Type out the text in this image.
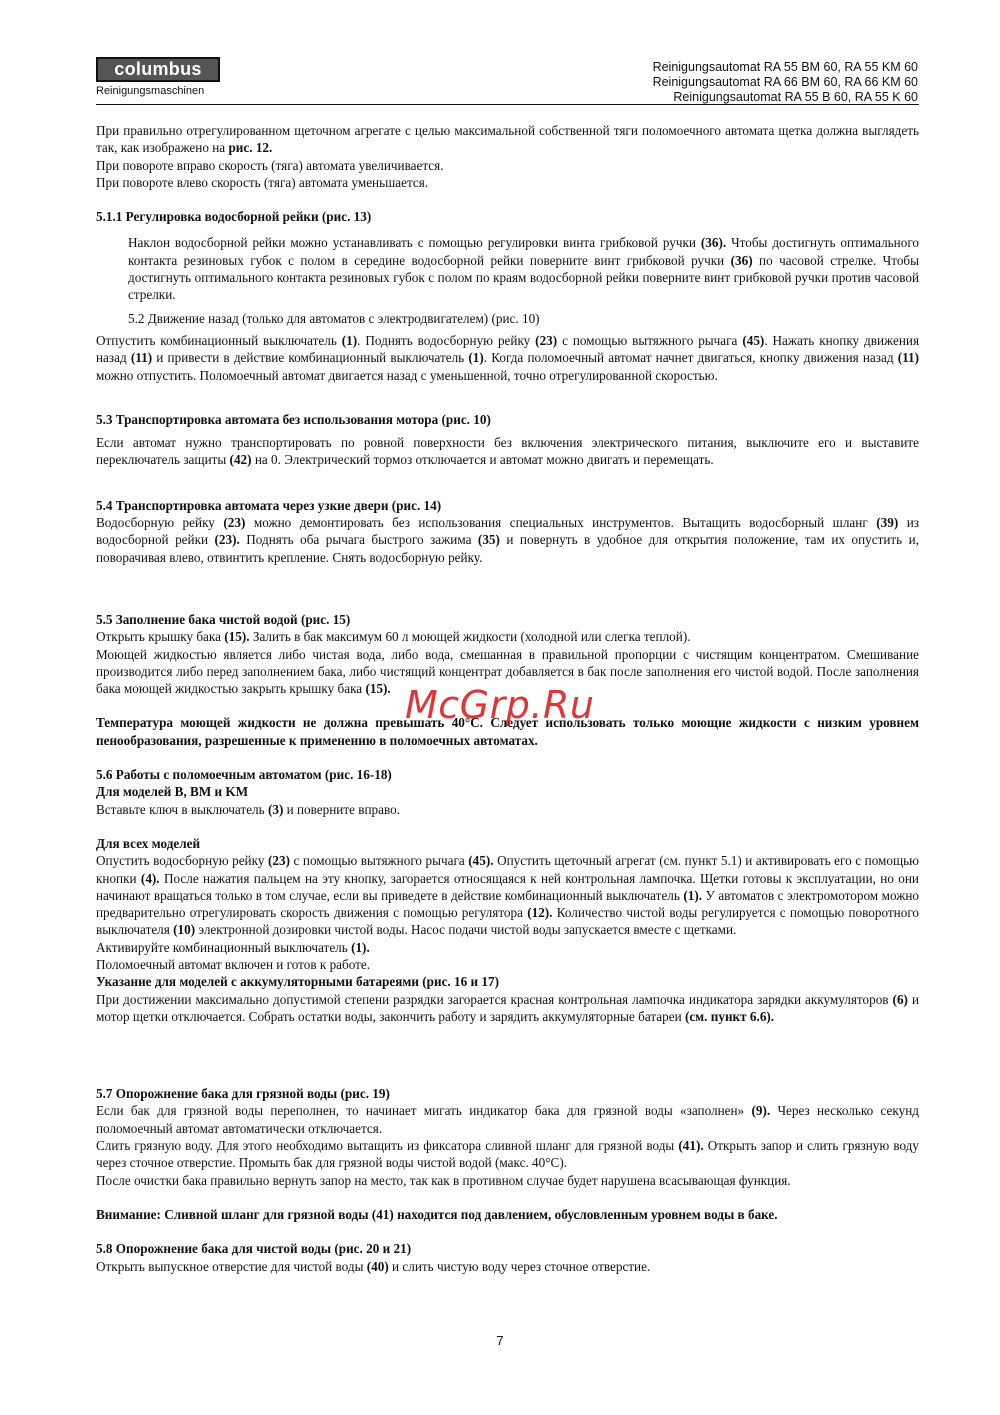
columbus
Reinigungsmaschinen
Reinigungsautomat RA 55 BM 60, RA 55 KM 60
Reinigungsautomat RA 66 BM 60, RA 66 KM 60
Reinigungsautomat RA 55 B 60, RA 55 K 60

При правильно отрегулированном щеточном агрегате с целью максимальной собственной тяги поломоечного автомата щетка должна выглядеть так, как изображено на рис. 12.

При повороте вправо скорость (тяга) автомата увеличивается.

При повороте влево скорость (тяга) автомата уменьшается.

5.1.1 Регулировка водосборной рейки (рис. 13)

Наклон водосборной рейки можно устанавливать с помощью регулировки винта грибковой ручки (36). Чтобы достигнуть оптимального контакта резиновых губок с полом в середине водосборной рейки поверните винт грибковой ручки (36) по часовой стрелке. Чтобы достигнуть оптимального контакта резиновых губок с полом по краям водосборной рейки поверните винт грибковой ручки против часовой стрелки.

5.2 Движение назад (только для автоматов с электродвигателем) (рис. 10)

Отпустить комбинационный выключатель (1). Поднять водосборную рейку (23) с помощью вытяжного рычага (45). Нажать кнопку движения назад (11) и привести в действие комбинационный выключатель (1). Когда поломоечный автомат начнет двигаться, кнопку движения назад (11) можно отпустить. Поломоечный автомат двигается назад с уменьшенной, точно отрегулированной скоростью.

5.3 Транспортировка автомата без использования мотора (рис. 10)

Если автомат нужно транспортировать по ровной поверхности без включения электрического питания, выключите его и выставите переключатель защиты (42) на 0. Электрический тормоз отключается и автомат можно двигать и перемещать.

5.4 Транспортировка автомата через узкие двери (рис. 14)

Водосборную рейку (23) можно демонтировать без использования специальных инструментов. Вытащить водосборный шланг (39) из водосборной рейки (23). Поднять оба рычага быстрого зажима (35) и повернуть в удобное для открытия положение, там их опустить и, поворачивая влево, отвинтить крепление. Снять водосборную рейку.

5.5 Заполнение бака чистой водой (рис. 15)

Открыть крышку бака (15). Залить в бак максимум 60 л моющей жидкости (холодной или слегка теплой).

Моющей жидкостью является либо чистая вода, либо вода, смешанная в правильной пропорции с чистящим концентратом. Смешивание производится либо перед заполнением бака, либо чистящий концентрат добавляется в бак после заполнения его чистой водой. После заполнения бака моющей жидкостью закрыть крышку бака (15).

Температура моющей жидкости не должна превышать 40°C. Следует использовать только моющие жидкости с низким уровнем пенообразования, разрешенные к применению в поломоечных автоматах.

5.6 Работы с поломоечным автоматом (рис. 16-18)

Для моделей B, BM и KM

Вставьте ключ в выключатель (3) и поверните вправо.

Для всех моделей

Опустить водосборную рейку (23) с помощью вытяжного рычага (45). Опустить щеточный агрегат (см. пункт 5.1) и активировать его с помощью кнопки (4). После нажатия пальцем на эту кнопку, загорается относящаяся к ней контрольная лампочка. Щетки готовы к эксплуатации, но они начинают вращаться только в том случае, если вы приведете в действие комбинационный выключатель (1). У автоматов с электромотором можно предварительно отрегулировать скорость движения с помощью регулятора (12). Количество чистой воды регулируется с помощью поворотного выключателя (10) электронной дозировки чистой воды. Насос подачи чистой воды запускается вместе с щетками.

Активируйте комбинационный выключатель (1).

Поломоечный автомат включен и готов к работе.

Указание для моделей с аккумуляторными батареями (рис. 16 и 17)

При достижении максимально допустимой степени разрядки загорается красная контрольная лампочка индикатора зарядки аккумуляторов (6) и мотор щетки отключается. Собрать остатки воды, закончить работу и зарядить аккумуляторные батареи (см. пункт 6.6).

5.7 Опорожнение бака для грязной воды (рис. 19)

Если бак для грязной воды переполнен, то начинает мигать индикатор бака для грязной воды «заполнен» (9). Через несколько секунд поломоечный автомат автоматически отключается.

Слить грязную воду. Для этого необходимо вытащить из фиксатора сливной шланг для грязной воды (41). Открыть запор и слить грязную воду через сточное отверстие. Промыть бак для грязной воды чистой водой (макс. 40°C).

После очистки бака правильно вернуть запор на место, так как в противном случае будет нарушена всасывающая функция.

Внимание: Сливной шланг для грязной воды (41) находится под давлением, обусловленным уровнем воды в баке.

5.8 Опорожнение бака для чистой воды (рис. 20 и 21)

Открыть выпускное отверстие для чистой воды (40) и слить чистую воду через сточное отверстие.

McGrp.Ru
7
